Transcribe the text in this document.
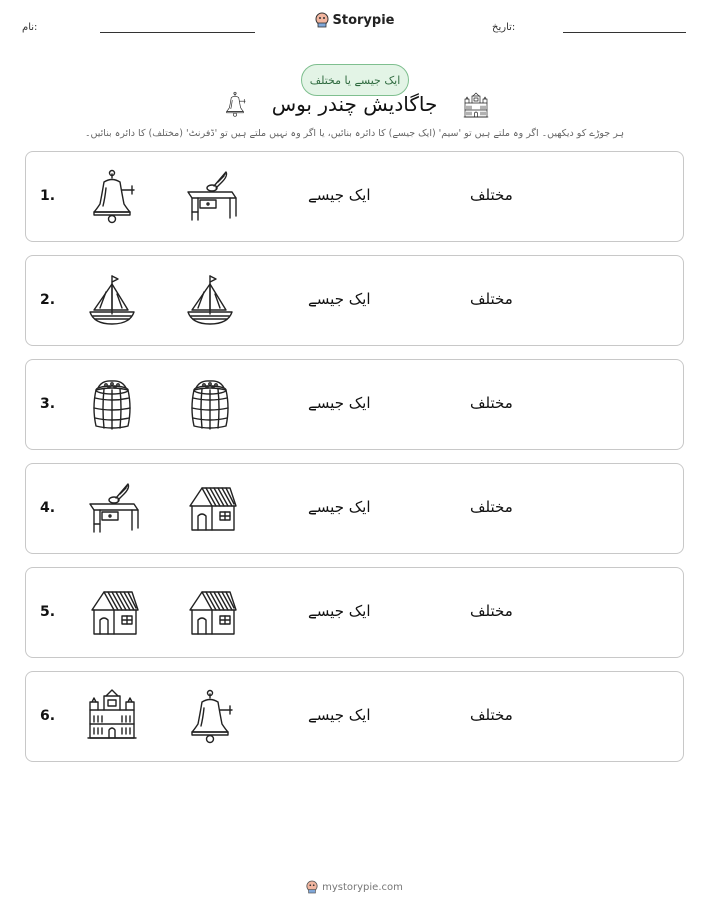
نام:	Storypie	تاریخ:
ایک جیسے یا مختلف
جاگادیش چندر بوس
ہر جوڑے کو دیکھیں۔ اگر وہ ملتے ہیں تو 'سیم' (ایک جیسے) کا دائرہ بنائیں، یا اگر وہ نہیں ملتے ہیں تو 'ڈفرنٹ' (مختلف) کا دائرہ بنائیں۔
1.	ایک جیسے	مختلف
2.	ایک جیسے	مختلف
3.	ایک جیسے	مختلف
4.	ایک جیسے	مختلف
5.	ایک جیسے	مختلف
6.	ایک جیسے	مختلف
mystorypie.com
